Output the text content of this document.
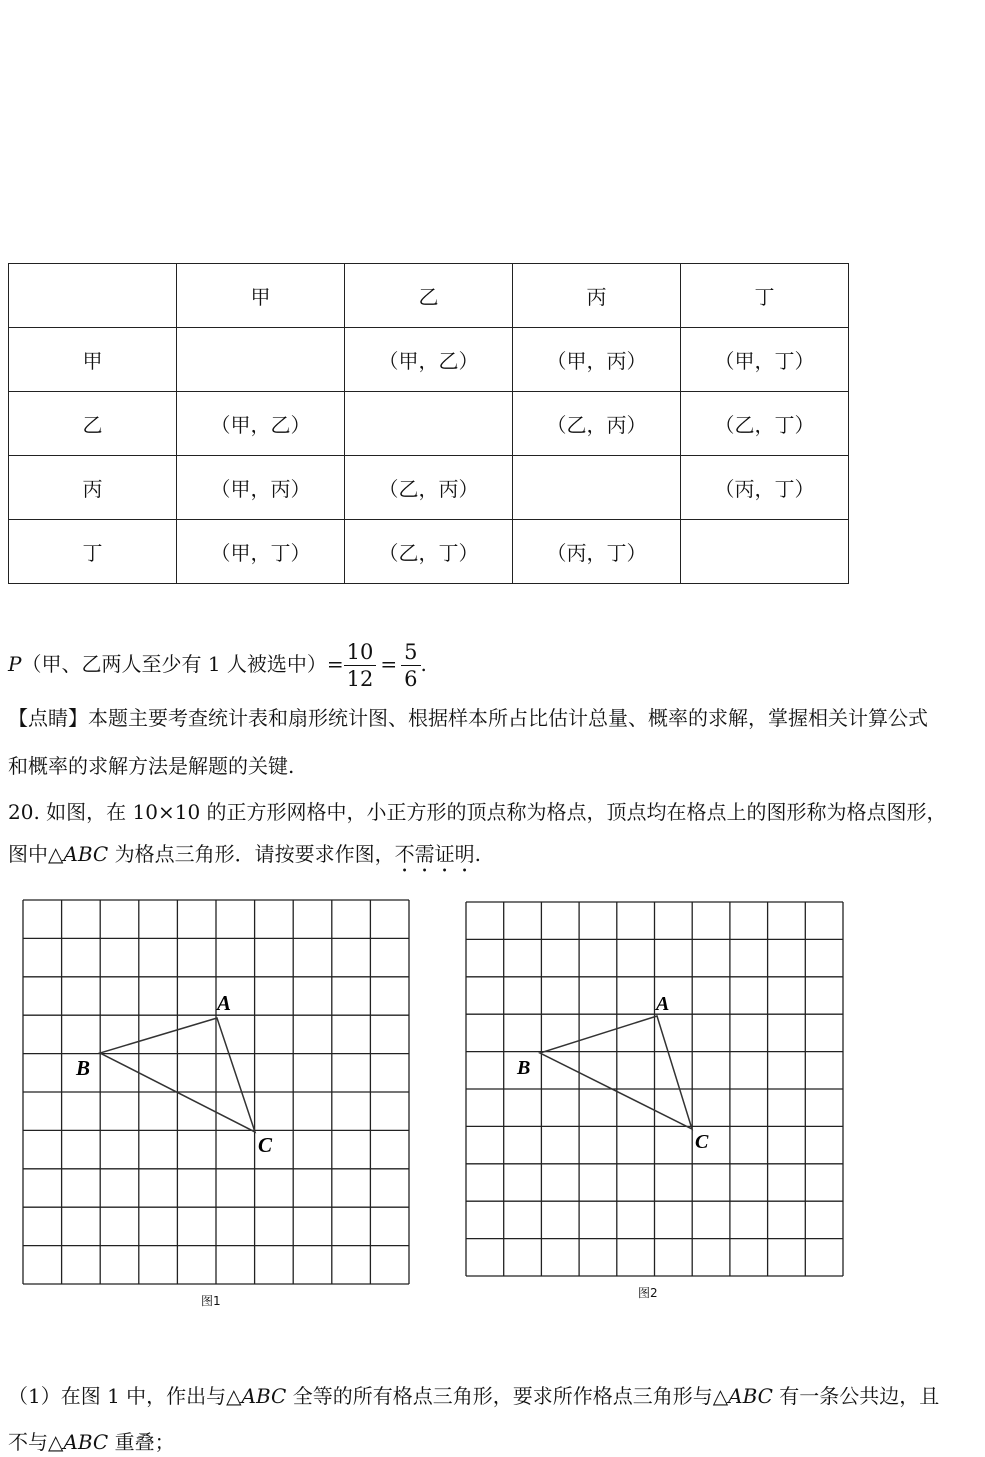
	甲	乙	丙	丁
甲		（甲，乙）	（甲，丙）	（甲，丁）
乙	（甲，乙）		（乙，丙）	（乙，丁）
丙	（甲，丙）	（乙，丙）		（丙，丁）
丁	（甲，丁）	（乙，丁）	（丙，丁）	
P（甲、乙两人至少有 1 人被选中）= $\frac{10}{12} = \frac{5}{6}$ .
【点睛】本题主要考查统计表和扇形统计图、根据样本所占比估计总量、概率的求解，掌握相关计算公式
和概率的求解方法是解题的关键.
20. 如图，在 10×10 的正方形网格中，小正方形的顶点称为格点，顶点均在格点上的图形称为格点图形，
图中△ABC 为格点三角形．请按要求作图，不需证明.
A
B
C
图1
A
B
C
图2
（1）在图 1 中，作出与△ABC 全等的所有格点三角形，要求所作格点三角形与△ABC 有一条公共边，且
不与△ABC 重叠；
